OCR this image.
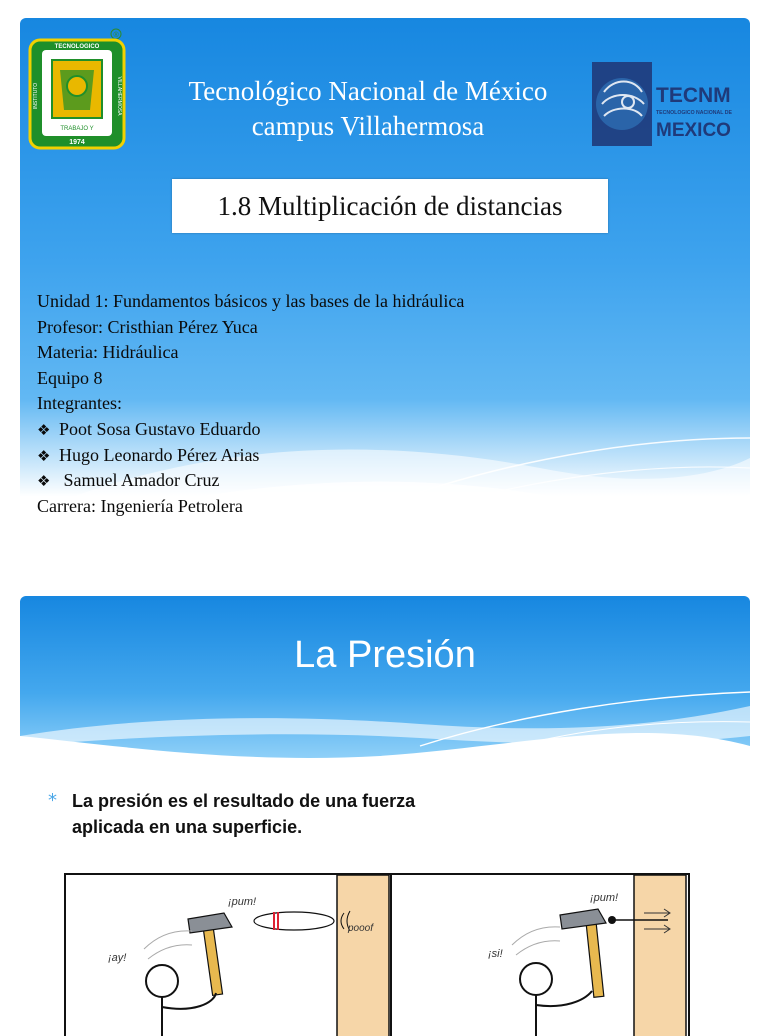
®
TECNOLOGICO
INSTITUTO	VILLAHERMOSA
TRABAJO Y
1974
Tecnológico Nacional de México
campus Villahermosa
TECNM
TECNOLOGICO NACIONAL DE
MEXICO
1.8 Multiplicación de distancias
Unidad 1: Fundamentos básicos y las bases de la hidráulica
Profesor: Cristhian Pérez Yuca
Materia: Hidráulica
Equipo 8
Integrantes:
❖ Poot Sosa Gustavo Eduardo
❖ Hugo Leonardo Pérez Arias
❖ Samuel Amador Cruz
Carrera: Ingeniería Petrolera
La Presión
* La presión es el resultado de una fuerza
aplicada en una superficie.
¡pum!
¡ay!
pooof
¡pum!
¡si!
